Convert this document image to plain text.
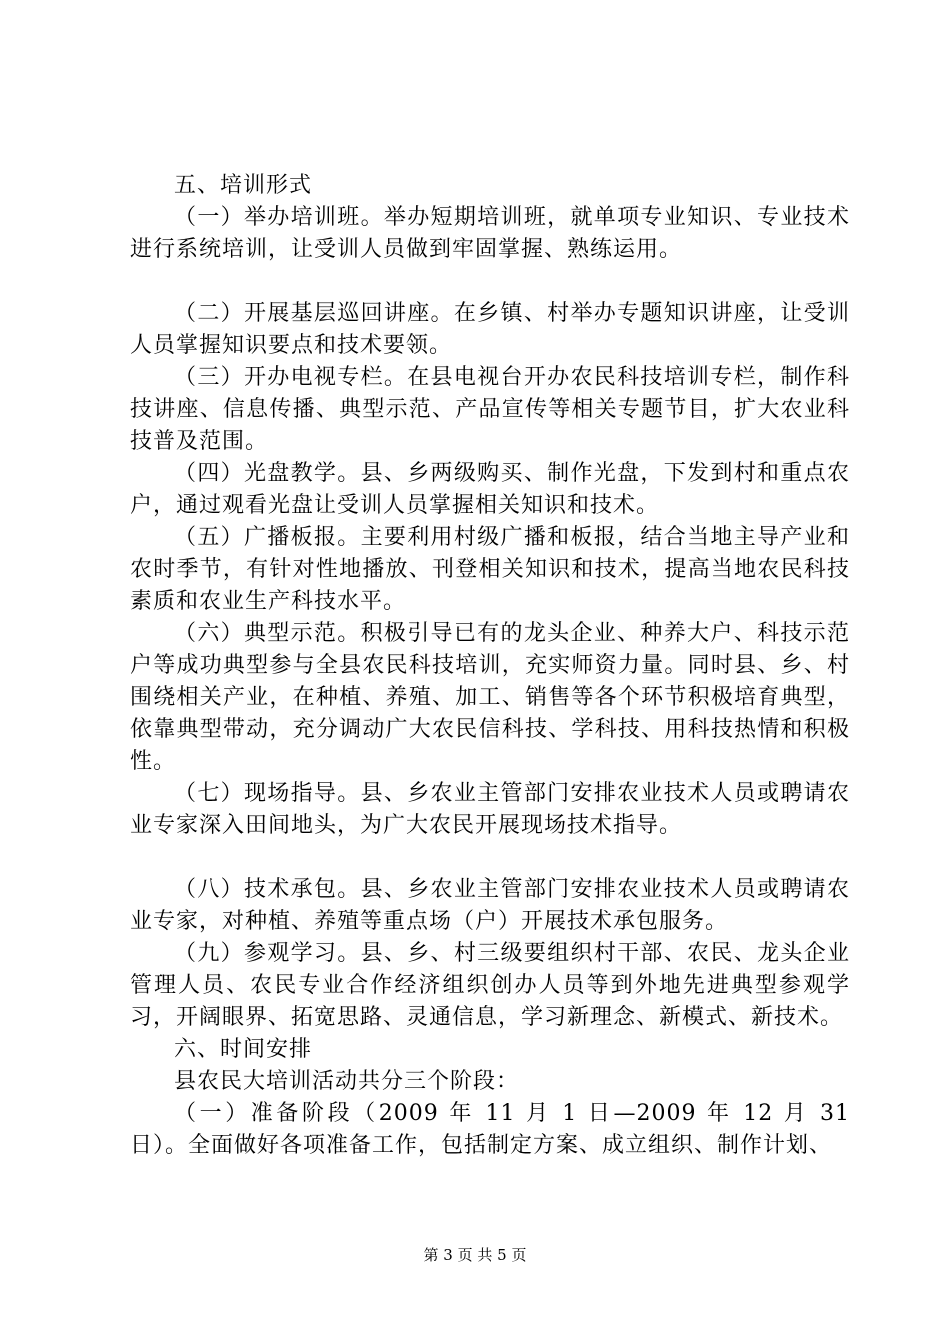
五、培训形式

（一）举办培训班。举办短期培训班，就单项专业知识、专业技术进行系统培训，让受训人员做到牢固掌握、熟练运用。

（二）开展基层巡回讲座。在乡镇、村举办专题知识讲座，让受训人员掌握知识要点和技术要领。

（三）开办电视专栏。在县电视台开办农民科技培训专栏，制作科技讲座、信息传播、典型示范、产品宣传等相关专题节目，扩大农业科技普及范围。

（四）光盘教学。县、乡两级购买、制作光盘，下发到村和重点农户，通过观看光盘让受训人员掌握相关知识和技术。

（五）广播板报。主要利用村级广播和板报，结合当地主导产业和农时季节，有针对性地播放、刊登相关知识和技术，提高当地农民科技素质和农业生产科技水平。

（六）典型示范。积极引导已有的龙头企业、种养大户、科技示范户等成功典型参与全县农民科技培训，充实师资力量。同时县、乡、村围绕相关产业，在种植、养殖、加工、销售等各个环节积极培育典型，依靠典型带动，充分调动广大农民信科技、学科技、用科技热情和积极性。

（七）现场指导。县、乡农业主管部门安排农业技术人员或聘请农业专家深入田间地头，为广大农民开展现场技术指导。

（八）技术承包。县、乡农业主管部门安排农业技术人员或聘请农业专家，对种植、养殖等重点场（户）开展技术承包服务。

（九）参观学习。县、乡、村三级要组织村干部、农民、龙头企业管理人员、农民专业合作经济组织创办人员等到外地先进典型参观学习，开阔眼界、拓宽思路、灵通信息，学习新理念、新模式、新技术。

六、时间安排

县农民大培训活动共分三个阶段：

（一）准备阶段（2009 年 11 月 1 日—2009 年 12 月 31 日）。全面做好各项准备工作，包括制定方案、成立组织、制作计划、

第 3 页 共 5 页
